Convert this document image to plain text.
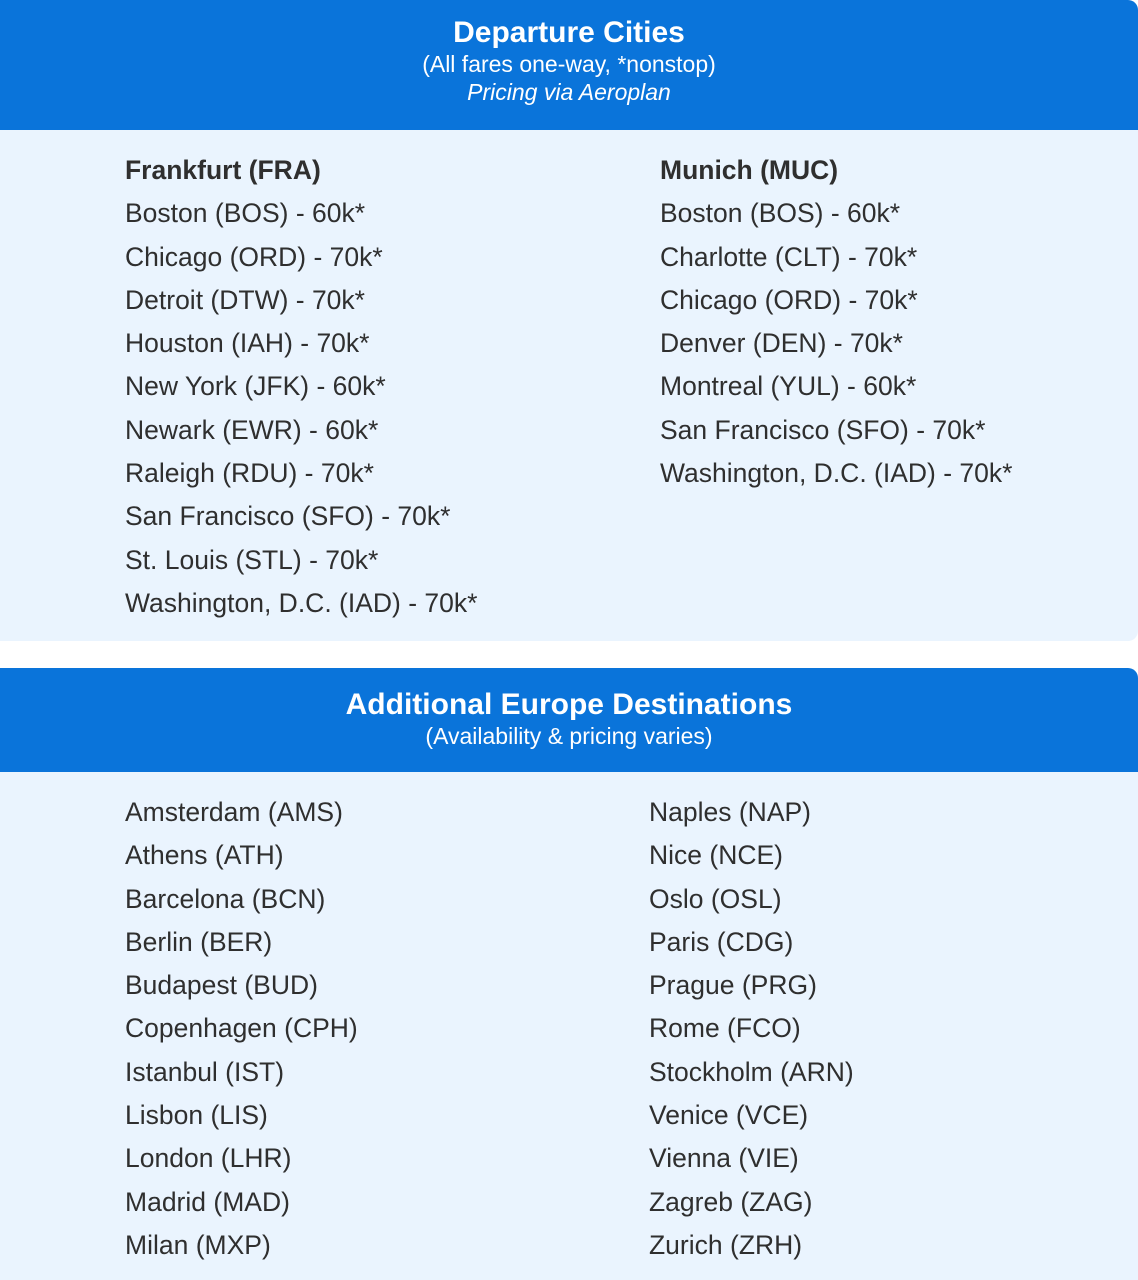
Departure Cities
(All fares one-way, *nonstop)
Pricing via Aeroplan
Frankfurt (FRA)
Boston (BOS) - 60k*
Chicago (ORD) - 70k*
Detroit (DTW) - 70k*
Houston (IAH) - 70k*
New York (JFK) - 60k*
Newark (EWR) - 60k*
Raleigh (RDU) - 70k*
San Francisco (SFO) - 70k*
St. Louis (STL) - 70k*
Washington, D.C. (IAD) - 70k*
Munich (MUC)
Boston (BOS) - 60k*
Charlotte (CLT) - 70k*
Chicago (ORD) - 70k*
Denver (DEN) - 70k*
Montreal (YUL) - 60k*
San Francisco (SFO) - 70k*
Washington, D.C. (IAD) - 70k*
Additional Europe Destinations
(Availability & pricing varies)
Amsterdam (AMS)
Athens (ATH)
Barcelona (BCN)
Berlin (BER)
Budapest (BUD)
Copenhagen (CPH)
Istanbul (IST)
Lisbon (LIS)
London (LHR)
Madrid (MAD)
Milan (MXP)
Naples (NAP)
Nice (NCE)
Oslo (OSL)
Paris (CDG)
Prague (PRG)
Rome (FCO)
Stockholm (ARN)
Venice (VCE)
Vienna (VIE)
Zagreb (ZAG)
Zurich (ZRH)
